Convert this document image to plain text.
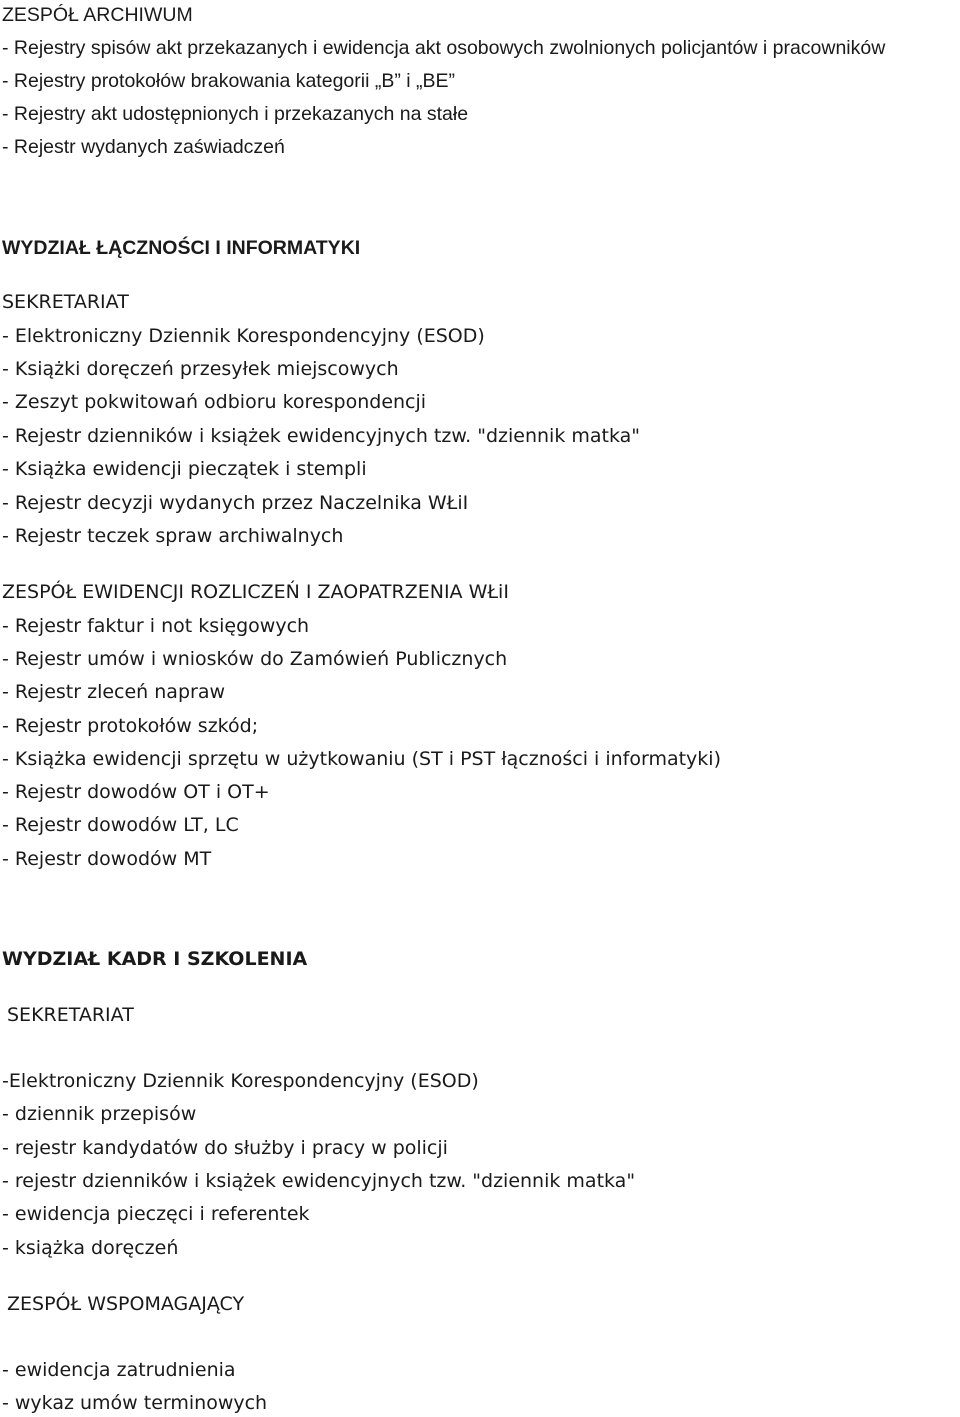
ZESPÓŁ ARCHIWUM
- Rejestry spisów akt przekazanych i ewidencja akt osobowych zwolnionych policjantów i pracowników
- Rejestry protokołów brakowania kategorii „B” i „BE”
- Rejestry akt udostępnionych i przekazanych na stałe
- Rejestr wydanych zaświadczeń
WYDZIAŁ ŁĄCZNOŚCI I INFORMATYKI
SEKRETARIAT
- Elektroniczny Dziennik Korespondencyjny (ESOD)
- Książki doręczeń przesyłek miejscowych
- Zeszyt pokwitowań odbioru korespondencji
- Rejestr dzienników i książek ewidencyjnych tzw. "dziennik matka"
- Książka ewidencji pieczątek i stempli
- Rejestr decyzji wydanych przez Naczelnika WŁiI
- Rejestr teczek spraw archiwalnych
ZESPÓŁ EWIDENCJI ROZLICZEŃ I ZAOPATRZENIA WŁiI
- Rejestr faktur i not księgowych
- Rejestr umów i wniosków do Zamówień Publicznych
- Rejestr zleceń napraw
- Rejestr protokołów szkód;
- Książka ewidencji sprzętu w użytkowaniu (ST i PST łączności i informatyki)
- Rejestr dowodów OT i OT+
- Rejestr dowodów LT, LC
- Rejestr dowodów MT
WYDZIAŁ KADR I SZKOLENIA
SEKRETARIAT
-Elektroniczny Dziennik Korespondencyjny (ESOD)
- dziennik przepisów
- rejestr kandydatów do służby i pracy w policji
- rejestr dzienników i książek ewidencyjnych tzw. "dziennik matka"
- ewidencja pieczęci i referentek
- książka doręczeń
ZESPÓŁ WSPOMAGAJĄCY
- ewidencja zatrudnienia
- wykaz umów terminowych
